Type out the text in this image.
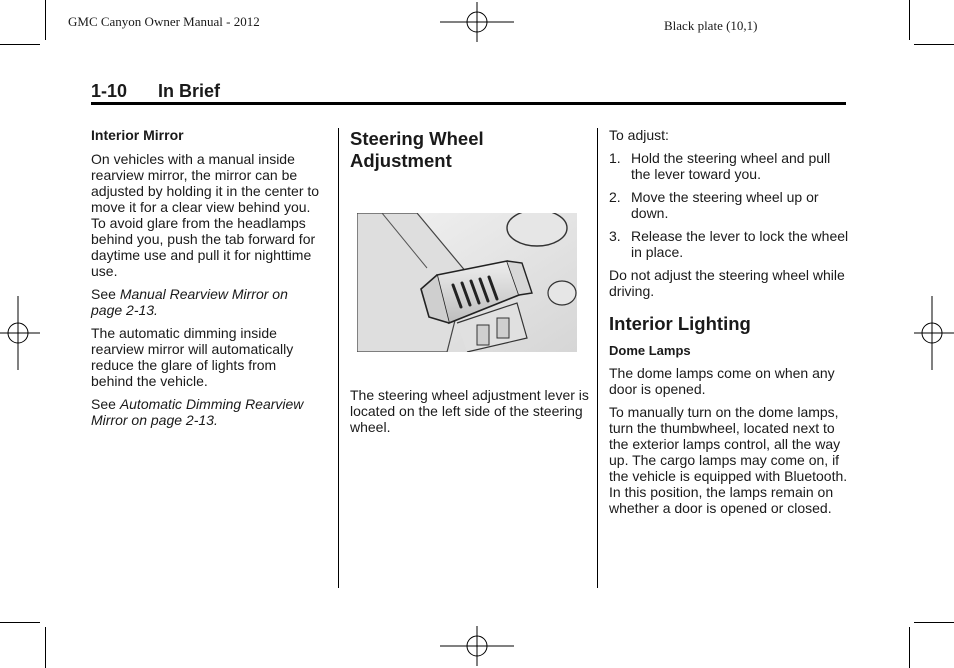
GMC Canyon Owner Manual - 2012	Black plate (10,1)
1-10 In Brief
Interior Mirror

On vehicles with a manual inside rearview mirror, the mirror can be adjusted by holding it in the center to move it for a clear view behind you. To avoid glare from the headlamps behind you, push the tab forward for daytime use and pull it for nighttime use.

See Manual Rearview Mirror on page 2-13.

The automatic dimming inside rearview mirror will automatically reduce the glare of lights from behind the vehicle.

See Automatic Dimming Rearview Mirror on page 2-13.

Steering Wheel
Adjustment

The steering wheel adjustment lever is located on the left side of the steering wheel.

To adjust:

1. Hold the steering wheel and pull the lever toward you.
2. Move the steering wheel up or down.
3. Release the lever to lock the wheel in place.

Do not adjust the steering wheel while driving.

Interior Lighting
Dome Lamps

The dome lamps come on when any door is opened.

To manually turn on the dome lamps, turn the thumbwheel, located next to the exterior lamps control, all the way up. The cargo lamps may come on, if the vehicle is equipped with Bluetooth. In this position, the lamps remain on whether a door is opened or closed.
